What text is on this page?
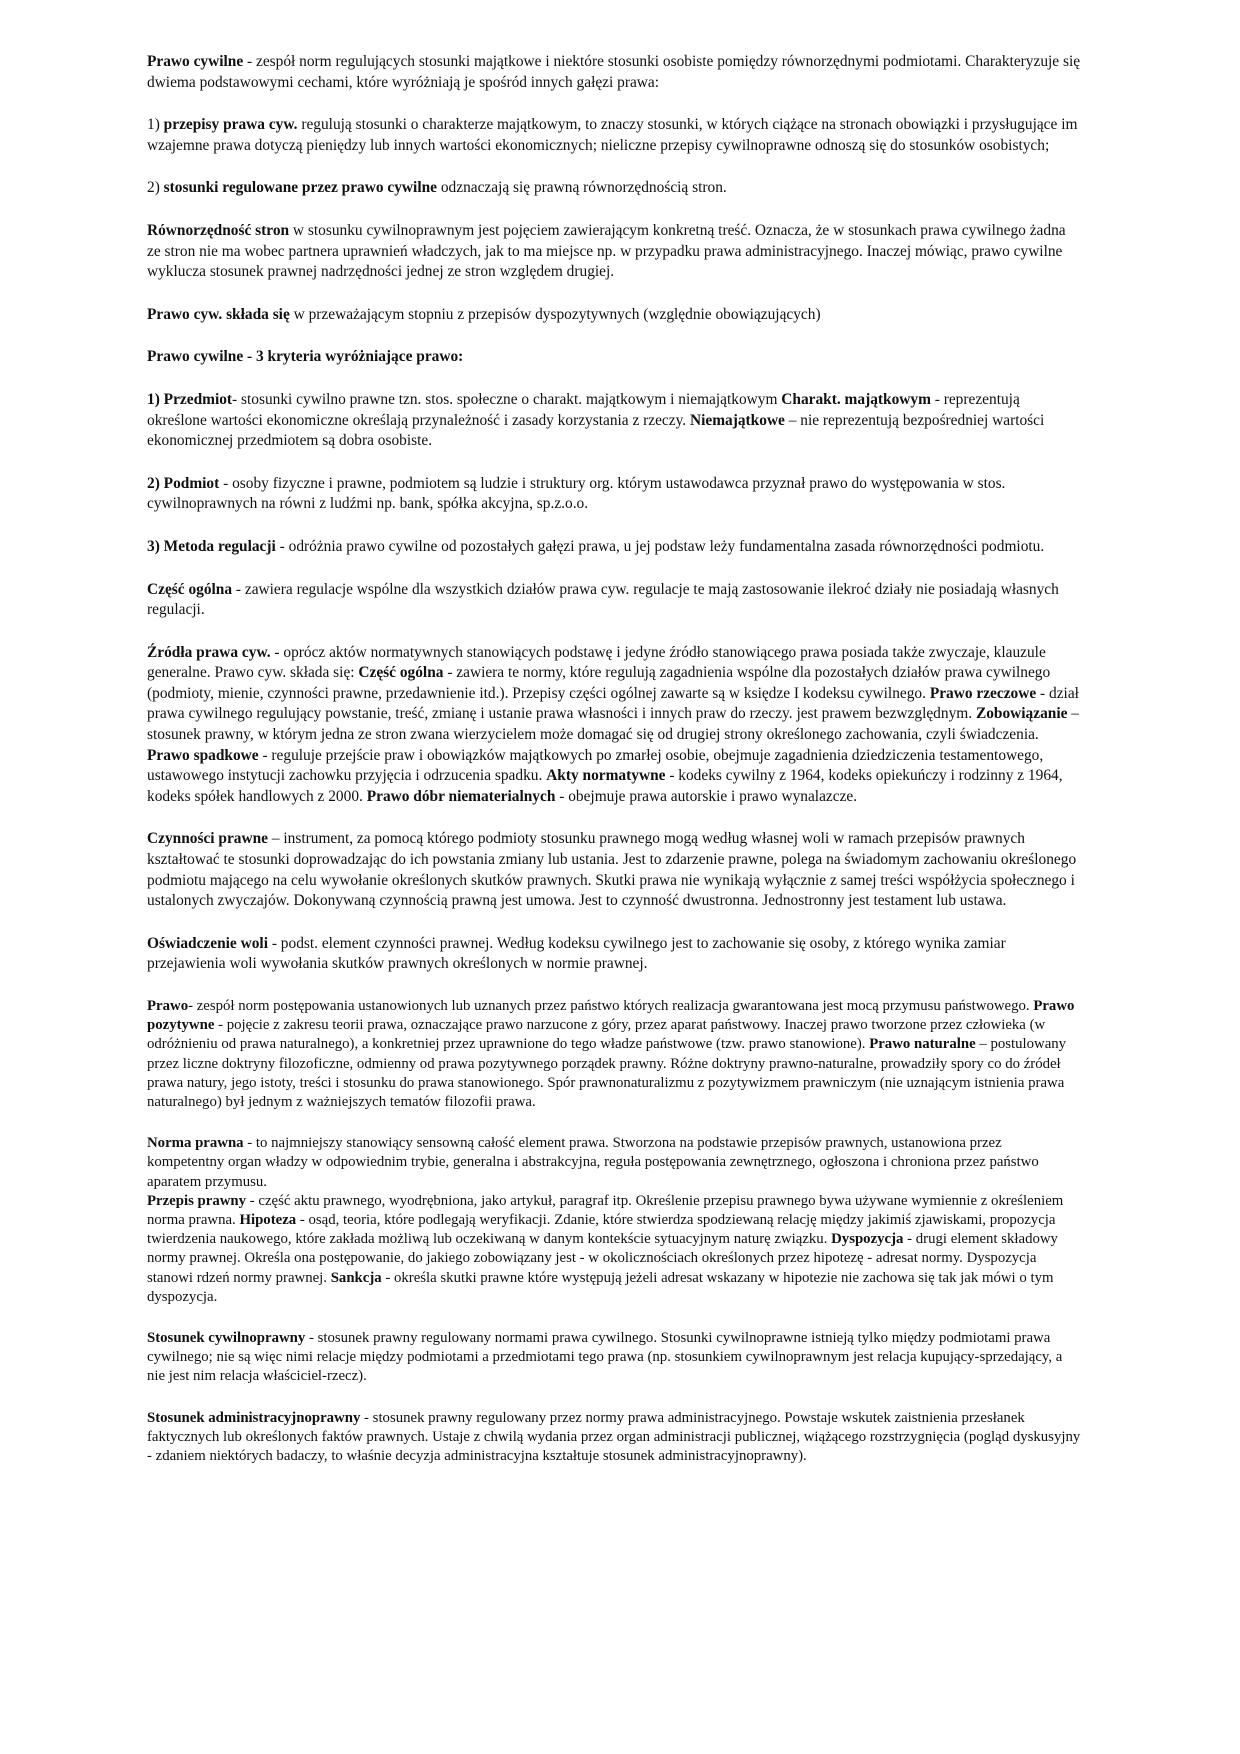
Prawo cywilne - zespół norm regulujących stosunki majątkowe i niektóre stosunki osobiste pomiędzy równorzędnymi podmiotami. Charakteryzuje się dwiema podstawowymi cechami, które wyróżniają je spośród innych gałęzi prawa:

1) przepisy prawa cyw. regulują stosunki o charakterze majątkowym, to znaczy stosunki, w których ciążące na stronach obowiązki i przysługujące im wzajemne prawa dotyczą pieniędzy lub innych wartości ekonomicznych; nieliczne przepisy cywilnoprawne odnoszą się do stosunków osobistych;

2) stosunki regulowane przez prawo cywilne odznaczają się prawną równorzędnością stron.

Równorzędność stron w stosunku cywilnoprawnym jest pojęciem zawierającym konkretną treść. Oznacza, że w stosunkach prawa cywilnego żadna ze stron nie ma wobec partnera uprawnień władczych, jak to ma miejsce np. w przypadku prawa administracyjnego. Inaczej mówiąc, prawo cywilne wyklucza stosunek prawnej nadrzędności jednej ze stron względem drugiej.

Prawo cyw. składa się w przeważającym stopniu z przepisów dyspozytywnych (względnie obowiązujących)

Prawo cywilne - 3 kryteria wyróżniające prawo:

1) Przedmiot- stosunki cywilno prawne tzn. stos. społeczne o charakt. majątkowym i niemajątkowym Charakt. majątkowym - reprezentują określone wartości ekonomiczne określają przynależność i zasady korzystania z rzeczy. Niemajątkowe – nie reprezentują bezpośredniej wartości ekonomicznej przedmiotem są dobra osobiste.

2) Podmiot - osoby fizyczne i prawne, podmiotem są ludzie i struktury org. którym ustawodawca przyznał prawo do występowania w stos. cywilnoprawnych na równi z ludźmi np. bank, spółka akcyjna, sp.z.o.o.

3) Metoda regulacji - odróżnia prawo cywilne od pozostałych gałęzi prawa, u jej podstaw leży fundamentalna zasada równorzędności podmiotu.

Część ogólna - zawiera regulacje wspólne dla wszystkich działów prawa cyw. regulacje te mają zastosowanie ilekroć działy nie posiadają własnych regulacji.

Źródła prawa cyw. - oprócz aktów normatywnych stanowiących podstawę i jedyne źródło stanowiącego prawa posiada także zwyczaje, klauzule generalne. Prawo cyw. składa się: Część ogólna - zawiera te normy, które regulują zagadnienia wspólne dla pozostałych działów prawa cywilnego (podmioty, mienie, czynności prawne, przedawnienie itd.). Przepisy części ogólnej zawarte są w księdze I kodeksu cywilnego. Prawo rzeczowe - dział prawa cywilnego regulujący powstanie, treść, zmianę i ustanie prawa własności i innych praw do rzeczy. jest prawem bezwzględnym. Zobowiązanie – stosunek prawny, w którym jedna ze stron zwana wierzycielem może domagać się od drugiej strony określonego zachowania, czyli świadczenia. Prawo spadkowe - reguluje przejście praw i obowiązków majątkowych po zmarłej osobie, obejmuje zagadnienia dziedziczenia testamentowego, ustawowego instytucji zachowku przyjęcia i odrzucenia spadku. Akty normatywne - kodeks cywilny z 1964, kodeks opiekuńczy i rodzinny z 1964, kodeks spółek handlowych z 2000. Prawo dóbr niematerialnych - obejmuje prawa autorskie i prawo wynalazcze.

Czynności prawne – instrument, za pomocą którego podmioty stosunku prawnego mogą według własnej woli w ramach przepisów prawnych kształtować te stosunki doprowadzając do ich powstania zmiany lub ustania. Jest to zdarzenie prawne, polega na świadomym zachowaniu określonego podmiotu mającego na celu wywołanie określonych skutków prawnych. Skutki prawa nie wynikają wyłącznie z samej treści współżycia społecznego i ustalonych zwyczajów. Dokonywaną czynnością prawną jest umowa. Jest to czynność dwustronna. Jednostronny jest testament lub ustawa.

Oświadczenie woli - podst. element czynności prawnej. Według kodeksu cywilnego jest to zachowanie się osoby, z którego wynika zamiar przejawienia woli wywołania skutków prawnych określonych w normie prawnej.

Prawo- zespół norm postępowania ustanowionych lub uznanych przez państwo których realizacja gwarantowana jest mocą przymusu państwowego. Prawo pozytywne - pojęcie z zakresu teorii prawa, oznaczające prawo narzucone z góry, przez aparat państwowy. Inaczej prawo tworzone przez człowieka (w odróżnieniu od prawa naturalnego), a konkretniej przez uprawnione do tego władze państwowe (tzw. prawo stanowione). Prawo naturalne – postulowany przez liczne doktryny filozoficzne, odmienny od prawa pozytywnego porządek prawny. Różne doktryny prawno-naturalne, prowadziły spory co do źródeł prawa natury, jego istoty, treści i stosunku do prawa stanowionego. Spór prawnonaturalizmu z pozytywizmem prawniczym (nie uznającym istnienia prawa naturalnego) był jednym z ważniejszych tematów filozofii prawa.

Norma prawna - to najmniejszy stanowiący sensowną całość element prawa. Stworzona na podstawie przepisów prawnych, ustanowiona przez kompetentny organ władzy w odpowiednim trybie, generalna i abstrakcyjna, reguła postępowania zewnętrznego, ogłoszona i chroniona przez państwo aparatem przymusu.

Przepis prawny - część aktu prawnego, wyodrębniona, jako artykuł, paragraf itp. Określenie przepisu prawnego bywa używane wymiennie z określeniem norma prawna. Hipoteza - osąd, teoria, które podlegają weryfikacji. Zdanie, które stwierdza spodziewaną relację między jakimiś zjawiskami, propozycja twierdzenia naukowego, które zakłada możliwą lub oczekiwaną w danym kontekście sytuacyjnym naturę związku. Dyspozycja - drugi element składowy normy prawnej. Określa ona postępowanie, do jakiego zobowiązany jest - w okolicznościach określonych przez hipotezę - adresat normy. Dyspozycja stanowi rdzeń normy prawnej. Sankcja - określa skutki prawne które występują jeżeli adresat wskazany w hipotezie nie zachowa się tak jak mówi o tym dyspozycja.

Stosunek cywilnoprawny - stosunek prawny regulowany normami prawa cywilnego. Stosunki cywilnoprawne istnieją tylko między podmiotami prawa cywilnego; nie są więc nimi relacje między podmiotami a przedmiotami tego prawa (np. stosunkiem cywilnoprawnym jest relacja kupujący-sprzedający, a nie jest nim relacja właściciel-rzecz).

Stosunek administracyjnoprawny - stosunek prawny regulowany przez normy prawa administracyjnego. Powstaje wskutek zaistnienia przesłanek faktycznych lub określonych faktów prawnych. Ustaje z chwilą wydania przez organ administracji publicznej, wiążącego rozstrzygnięcia (pogląd dyskusyjny - zdaniem niektórych badaczy, to właśnie decyzja administracyjna kształtuje stosunek administracyjnoprawny).
